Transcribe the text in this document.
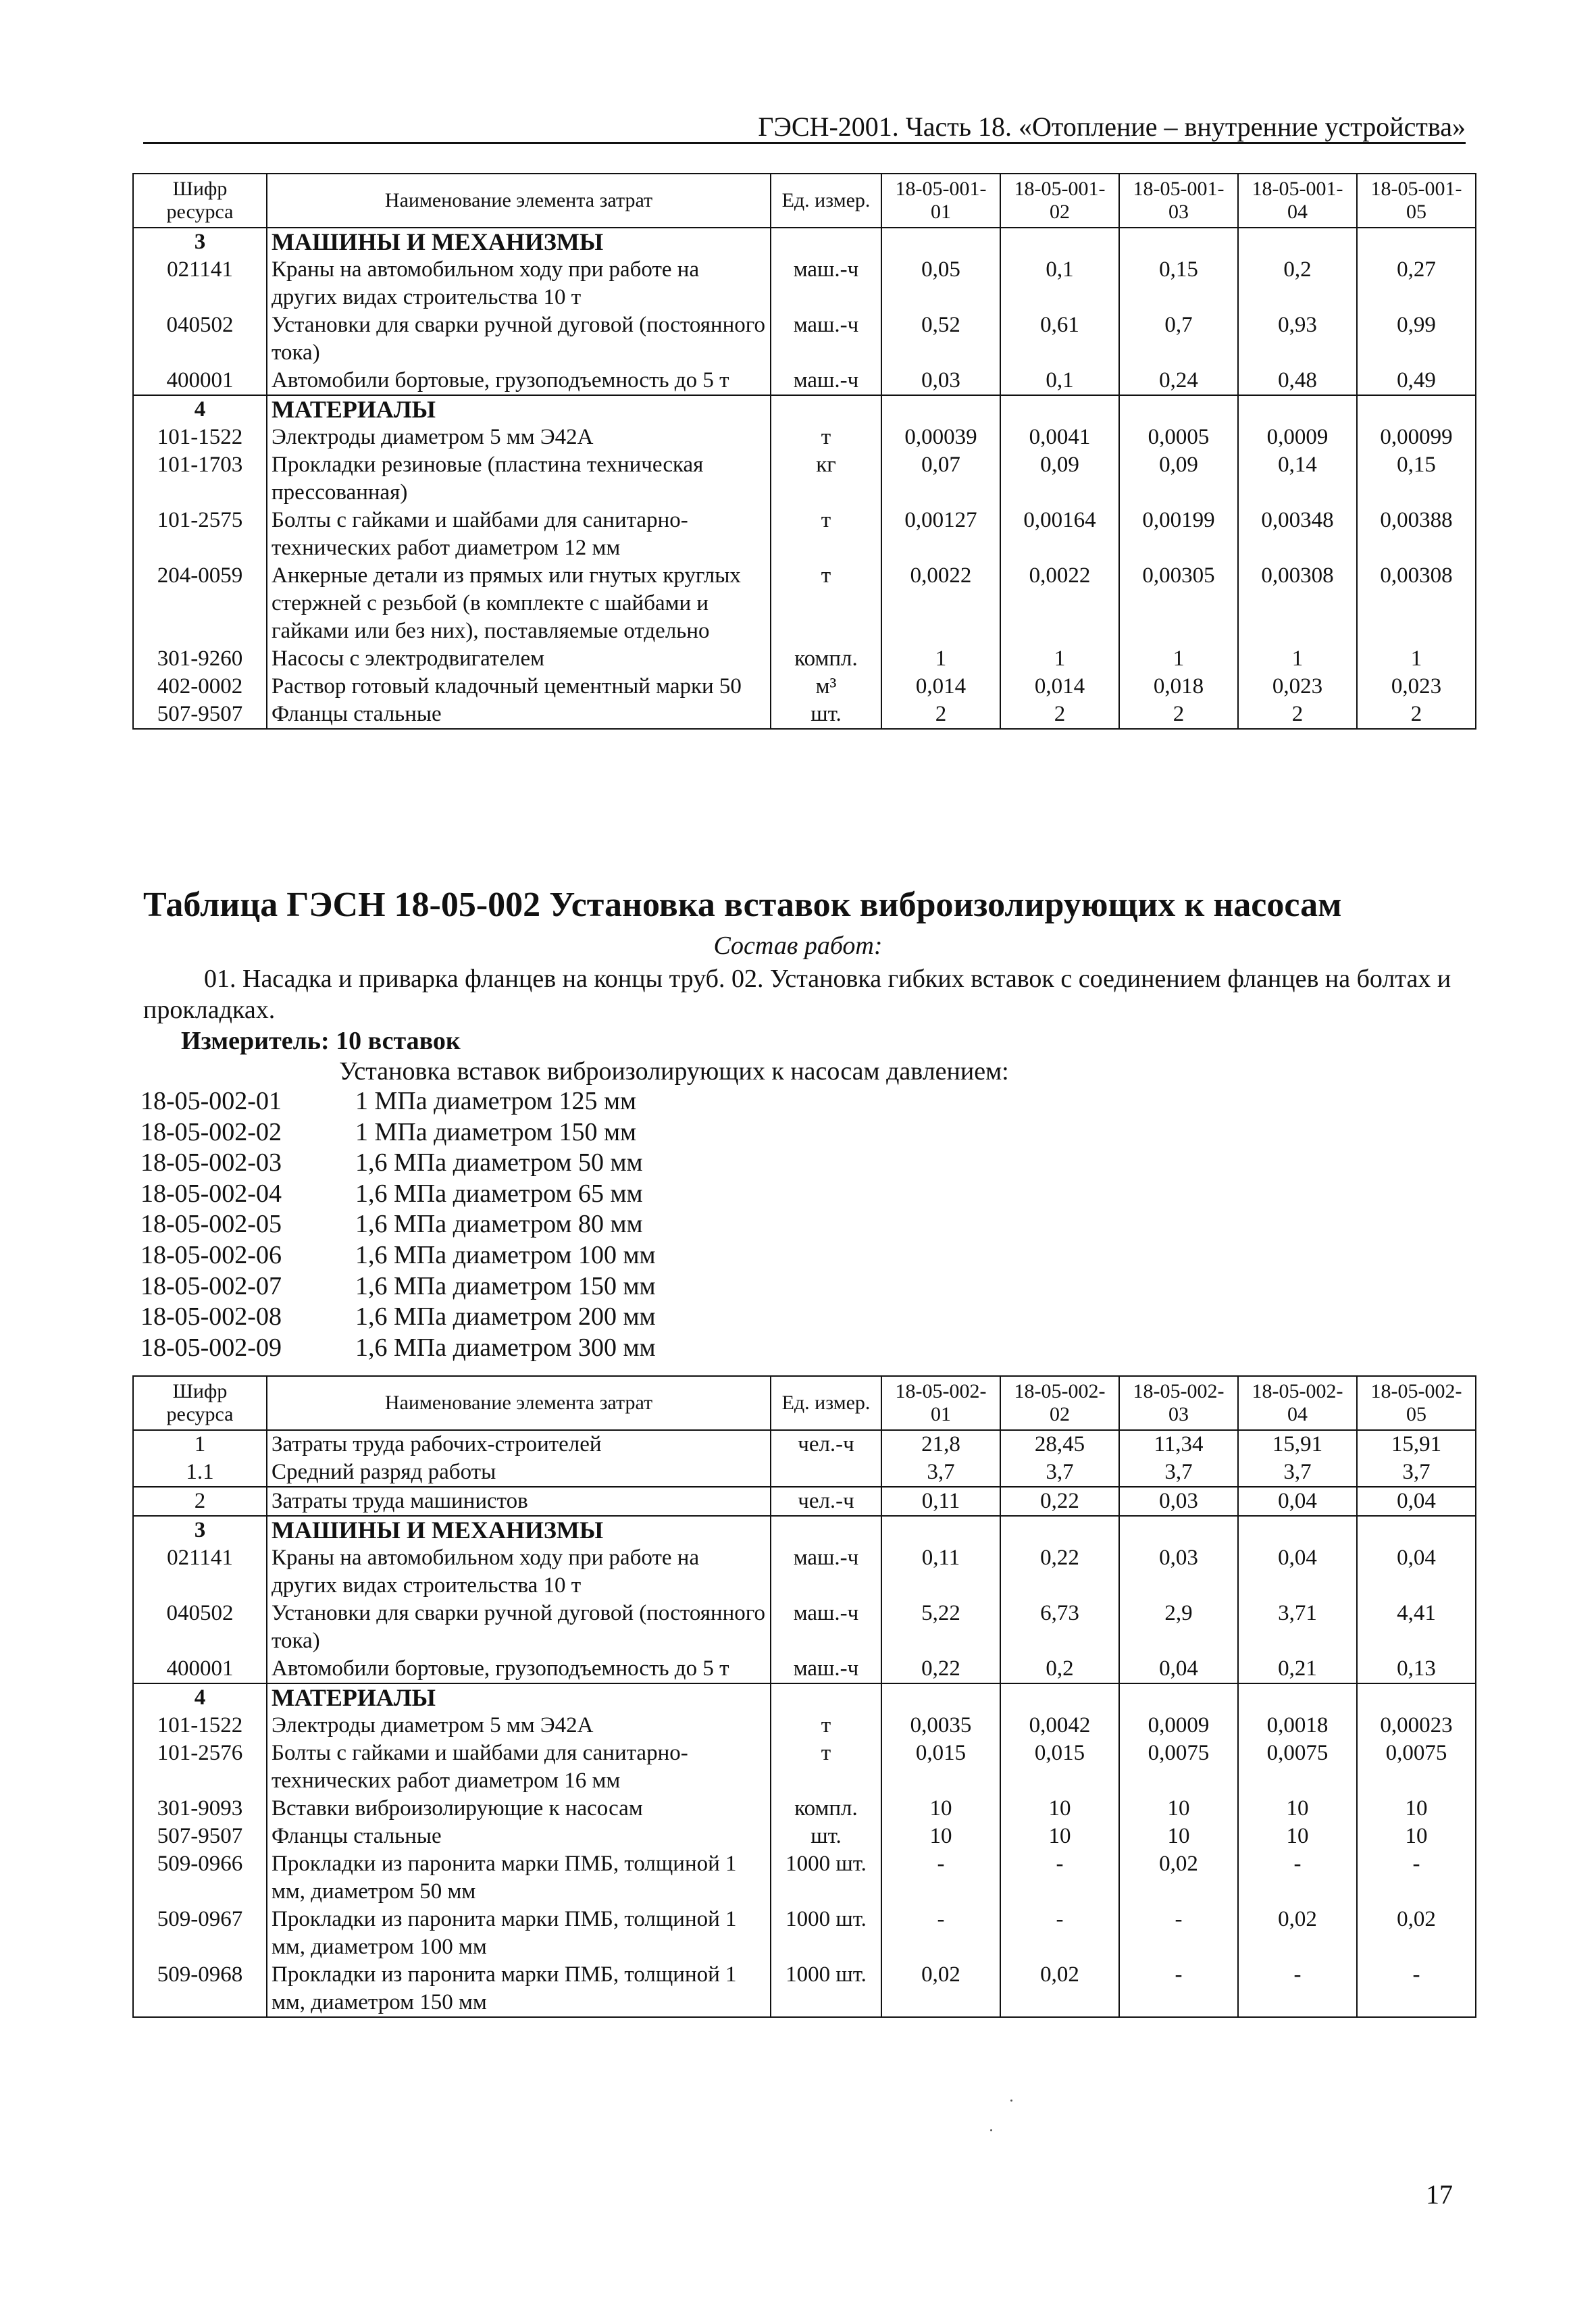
ГЭСН-2001. Часть 18. «Отопление – внутренние устройства»
Шифр ресурса	Наименование элемента затрат	Ед. измер.	18-05-001-01	18-05-001-02	18-05-001-03	18-05-001-04	18-05-001-05
3	МАШИНЫ И МЕХАНИЗМЫ						
021141	Краны на автомобильном ходу при работе на других видах строительства 10 т	маш.-ч	0,05	0,1	0,15	0,2	0,27
040502	Установки для сварки ручной дуговой (постоянного тока)	маш.-ч	0,52	0,61	0,7	0,93	0,99
400001	Автомобили бортовые, грузоподъемность до 5 т	маш.-ч	0,03	0,1	0,24	0,48	0,49
4	МАТЕРИАЛЫ						
101-1522	Электроды диаметром 5 мм Э42А	т	0,00039	0,0041	0,0005	0,0009	0,00099
101-1703	Прокладки резиновые (пластина техническая прессованная)	кг	0,07	0,09	0,09	0,14	0,15
101-2575	Болты с гайками и шайбами для санитарно-технических работ диаметром 12 мм	т	0,00127	0,00164	0,00199	0,00348	0,00388
204-0059	Анкерные детали из прямых или гнутых круглых стержней с резьбой (в комплекте с шайбами и гайками или без них), поставляемые отдельно	т	0,0022	0,0022	0,00305	0,00308	0,00308
301-9260	Насосы с электродвигателем	компл.	1	1	1	1	1
402-0002	Раствор готовый кладочный цементный марки 50	м³	0,014	0,014	0,018	0,023	0,023
507-9507	Фланцы стальные	шт.	2	2	2	2	2
Таблица ГЭСН 18-05-002 Установка вставок виброизолирующих к насосам
Состав работ:
01. Насадка и приварка фланцев на концы труб. 02. Установка гибких вставок с соединением фланцев на болтах и прокладках.
Измеритель: 10 вставок
Установка вставок виброизолирующих к насосам давлением:
18-05-002-01	1 МПа диаметром 125 мм
18-05-002-02	1 МПа диаметром 150 мм
18-05-002-03	1,6 МПа диаметром 50 мм
18-05-002-04	1,6 МПа диаметром 65 мм
18-05-002-05	1,6 МПа диаметром 80 мм
18-05-002-06	1,6 МПа диаметром 100 мм
18-05-002-07	1,6 МПа диаметром 150 мм
18-05-002-08	1,6 МПа диаметром 200 мм
18-05-002-09	1,6 МПа диаметром 300 мм
Шифр ресурса	Наименование элемента затрат	Ед. измер.	18-05-002-01	18-05-002-02	18-05-002-03	18-05-002-04	18-05-002-05
1	Затраты труда рабочих-строителей	чел.-ч	21,8	28,45	11,34	15,91	15,91
1.1	Средний разряд работы		3,7	3,7	3,7	3,7	3,7
2	Затраты труда машинистов	чел.-ч	0,11	0,22	0,03	0,04	0,04
3	МАШИНЫ И МЕХАНИЗМЫ						
021141	Краны на автомобильном ходу при работе на других видах строительства 10 т	маш.-ч	0,11	0,22	0,03	0,04	0,04
040502	Установки для сварки ручной дуговой (постоянного тока)	маш.-ч	5,22	6,73	2,9	3,71	4,41
400001	Автомобили бортовые, грузоподъемность до 5 т	маш.-ч	0,22	0,2	0,04	0,21	0,13
4	МАТЕРИАЛЫ						
101-1522	Электроды диаметром 5 мм Э42А	т	0,0035	0,0042	0,0009	0,0018	0,00023
101-2576	Болты с гайками и шайбами для санитарно-технических работ диаметром 16 мм	т	0,015	0,015	0,0075	0,0075	0,0075
301-9093	Вставки виброизолирующие к насосам	компл.	10	10	10	10	10
507-9507	Фланцы стальные	шт.	10	10	10	10	10
509-0966	Прокладки из паронита марки ПМБ, толщиной 1 мм, диаметром 50 мм	1000 шт.	-	-	0,02	-	-
509-0967	Прокладки из паронита марки ПМБ, толщиной 1 мм, диаметром 100 мм	1000 шт.	-	-	-	0,02	0,02
509-0968	Прокладки из паронита марки ПМБ, толщиной 1 мм, диаметром 150 мм	1000 шт.	0,02	0,02	-	-	-
17
